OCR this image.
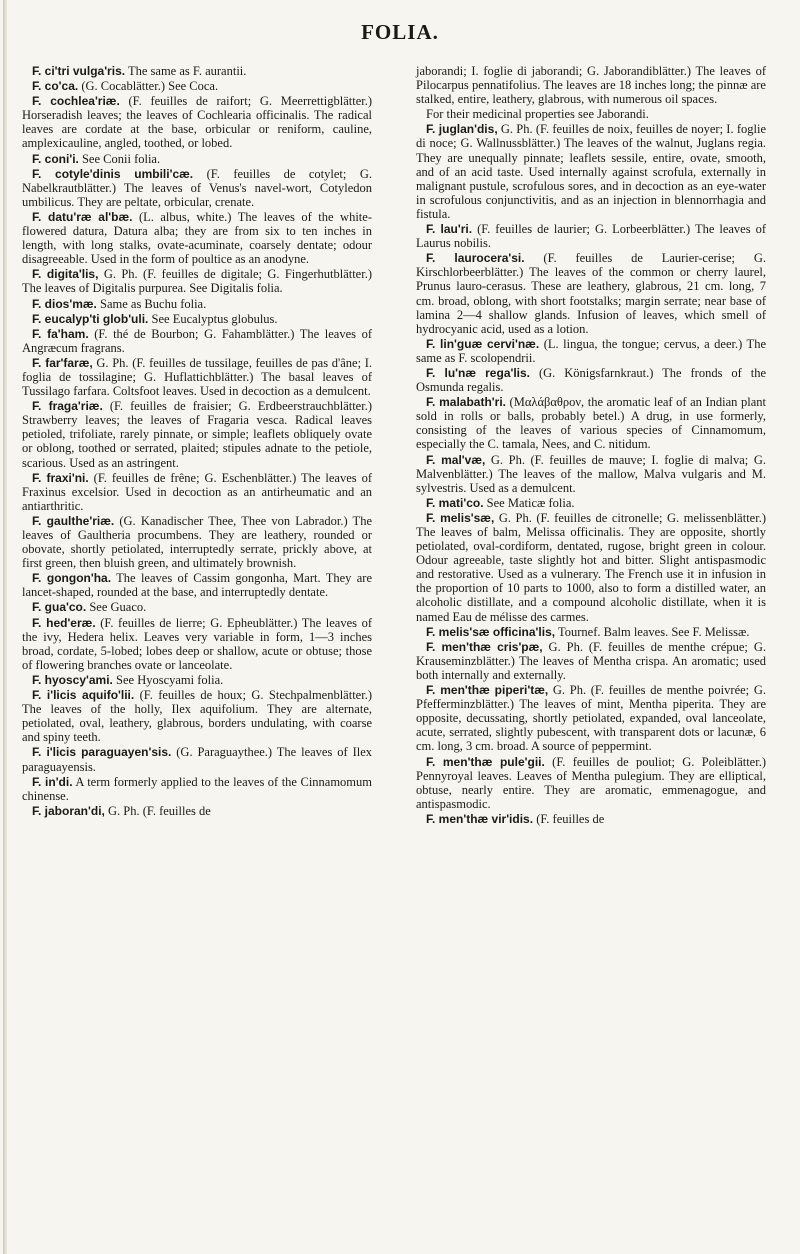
FOLIA.

F. ci'tri vulga'ris. The same as F. aurantii.

F. co'ca. (G. Cocablätter.) See Coca.

F. cochlea'riæ. (F. feuilles de raifort; G. Meerrettigblätter.) Horseradish leaves; the leaves of Cochlearia officinalis. The radical leaves are cordate at the base, orbicular or reniform, cauline, amplexicauline, angled, toothed, or lobed.

F. coni'i. See Conii folia.

F. cotyle'dinis umbili'cæ. (F. feuilles de cotylet; G. Nabelkrautblätter.) The leaves of Venus's navel-wort, Cotyledon umbilicus. They are peltate, orbicular, crenate.

F. datu'ræ al'bæ. (L. albus, white.) The leaves of the white-flowered datura, Datura alba; they are from six to ten inches in length, with long stalks, ovate-acuminate, coarsely dentate; odour disagreeable. Used in the form of poultice as an anodyne.

F. digita'lis, G. Ph. (F. feuilles de digitale; G. Fingerhutblätter.) The leaves of Digitalis purpurea. See Digitalis folia.

F. dios'mæ. Same as Buchu folia.

F. eucalyp'ti glob'uli. See Eucalyptus globulus.

F. fa'ham. (F. thé de Bourbon; G. Fahamblätter.) The leaves of Angræcum fragrans.

F. far'faræ, G. Ph. (F. feuilles de tussilage, feuilles de pas d'âne; I. foglia de tossilagine; G. Huflattichblätter.) The basal leaves of Tussilago farfara. Coltsfoot leaves. Used in decoction as a demulcent.

F. fraga'riæ. (F. feuilles de fraisier; G. Erdbeerstrauchblätter.) Strawberry leaves; the leaves of Fragaria vesca. Radical leaves petioled, trifoliate, rarely pinnate, or simple; leaflets obliquely ovate or oblong, toothed or serrated, plaited; stipules adnate to the petiole, scarious. Used as an astringent.

F. fraxi'ni. (F. feuilles de frêne; G. Eschenblätter.) The leaves of Fraxinus excelsior. Used in decoction as an antirheumatic and an antiarthritic.

F. gaulthe'riæ. (G. Kanadischer Thee, Thee von Labrador.) The leaves of Gaultheria procumbens. They are leathery, rounded or obovate, shortly petiolated, interruptedly serrate, prickly above, at first green, then bluish green, and ultimately brownish.

F. gongon'ha. The leaves of Cassim gongonha, Mart. They are lancet-shaped, rounded at the base, and interruptedly dentate.

F. gua'co. See Guaco.

F. hed'eræ. (F. feuilles de lierre; G. Epheublätter.) The leaves of the ivy, Hedera helix. Leaves very variable in form, 1—3 inches broad, cordate, 5-lobed; lobes deep or shallow, acute or obtuse; those of flowering branches ovate or lanceolate.

F. hyoscy'ami. See Hyoscyami folia.

F. i'licis aquifo'lii. (F. feuilles de houx; G. Stechpalmenblätter.) The leaves of the holly, Ilex aquifolium. They are alternate, petiolated, oval, leathery, glabrous, borders undulating, with coarse and spiny teeth.

F. i'licis paraguayen'sis. (G. Paraguaythee.) The leaves of Ilex paraguayensis.

F. in'di. A term formerly applied to the leaves of the Cinnamomum chinense.

F. jaboran'di, G. Ph. (F. feuilles de

jaborandi; I. foglie di jaborandi; G. Jaborandiblätter.) The leaves of Pilocarpus pennatifolius. The leaves are 18 inches long; the pinnæ are stalked, entire, leathery, glabrous, with numerous oil spaces.

For their medicinal properties see Jaborandi.

F. juglan'dis, G. Ph. (F. feuilles de noix, feuilles de noyer; I. foglie di noce; G. Wallnussblätter.) The leaves of the walnut, Juglans regia. They are unequally pinnate; leaflets sessile, entire, ovate, smooth, and of an acid taste. Used internally against scrofula, externally in malignant pustule, scrofulous sores, and in decoction as an eye-water in scrofulous conjunctivitis, and as an injection in blennorrhagia and fistula.

F. lau'ri. (F. feuilles de laurier; G. Lorbeerblätter.) The leaves of Laurus nobilis.

F. laurocera'si. (F. feuilles de Laurier-cerise; G. Kirschlorbeerblätter.) The leaves of the common or cherry laurel, Prunus lauro-cerasus. These are leathery, glabrous, 21 cm. long, 7 cm. broad, oblong, with short footstalks; margin serrate; near base of lamina 2—4 shallow glands. Infusion of leaves, which smell of hydrocyanic acid, used as a lotion.

F. lin'guæ cervi'næ. (L. lingua, the tongue; cervus, a deer.) The same as F. scolopendrii.

F. lu'næ rega'lis. (G. Königsfarnkraut.) The fronds of the Osmunda regalis.

F. malabath'ri. (Μαλάβαθρον, the aromatic leaf of an Indian plant sold in rolls or balls, probably betel.) A drug, in use formerly, consisting of the leaves of various species of Cinnamomum, especially the C. tamala, Nees, and C. nitidum.

F. mal'væ, G. Ph. (F. feuilles de mauve; I. foglie di malva; G. Malvenblätter.) The leaves of the mallow, Malva vulgaris and M. sylvestris. Used as a demulcent.

F. mati'co. See Maticæ folia.

F. melis'sæ, G. Ph. (F. feuilles de citronelle; G. melissenblätter.) The leaves of balm, Melissa officinalis. They are opposite, shortly petiolated, oval-cordiform, dentated, rugose, bright green in colour. Odour agreeable, taste slightly hot and bitter. Slight antispasmodic and restorative. Used as a vulnerary. The French use it in infusion in the proportion of 10 parts to 1000, also to form a distilled water, an alcoholic distillate, and a compound alcoholic distillate, when it is named Eau de mélisse des carmes.

F. melis'sæ officina'lis, Tournef. Balm leaves. See F. Melissæ.

F. men'thæ cris'pæ, G. Ph. (F. feuilles de menthe crépue; G. Krauseminzblätter.) The leaves of Mentha crispa. An aromatic; used both internally and externally.

F. men'thæ piperi'tæ, G. Ph. (F. feuilles de menthe poivrée; G. Pfefferminzblätter.) The leaves of mint, Mentha piperita. They are opposite, decussating, shortly petiolated, expanded, oval lanceolate, acute, serrated, slightly pubescent, with transparent dots or lacunæ, 6 cm. long, 3 cm. broad. A source of peppermint.

F. men'thæ pule'gii. (F. feuilles de pouliot; G. Poleiblätter.) Pennyroyal leaves. Leaves of Mentha pulegium. They are elliptical, obtuse, nearly entire. They are aromatic, emmenagogue, and antispasmodic.

F. men'thæ vir'idis. (F. feuilles de
